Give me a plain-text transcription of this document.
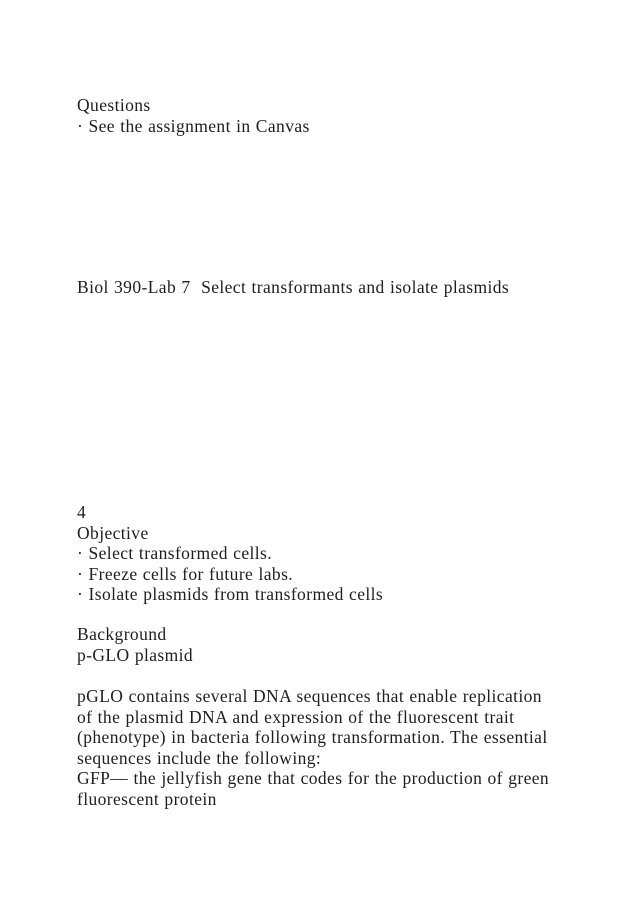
Questions
· See the assignment in Canvas
Biol 390-Lab 7  Select transformants and isolate plasmids
4
Objective
· Select transformed cells.
· Freeze cells for future labs.
· Isolate plasmids from transformed cells
Background
p-GLO plasmid
pGLO contains several DNA sequences that enable replication
of the plasmid DNA and expression of the fluorescent trait
(phenotype) in bacteria following transformation. The essential
sequences include the following:
GFP— the jellyfish gene that codes for the production of green
fluorescent protein
